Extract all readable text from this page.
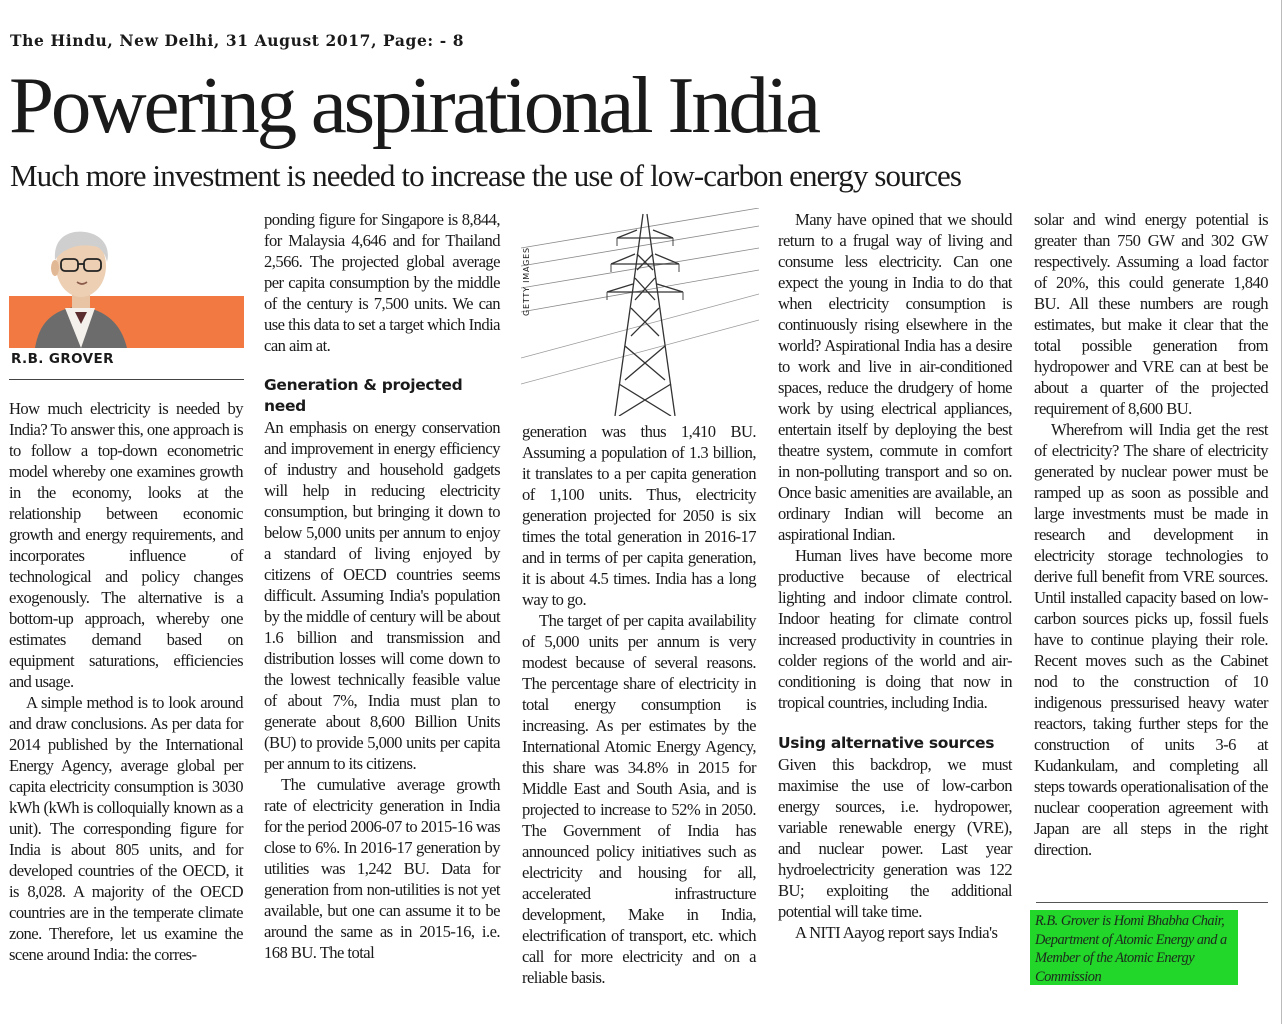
The Hindu, New Delhi, 31 August 2017, Page: - 8
Powering aspirational India
Much more investment is needed to increase the use of low-carbon energy sources
R.B. GROVER

How much electricity is needed by India? To answer this, one approach is to follow a top-down econometric model whereby one examines growth in the economy, looks at the relationship between economic growth and energy requirements, and incorporates influence of technological and policy changes exogenously. The alternative is a bottom-up approach, whereby one estimates demand based on equipment saturations, efficiencies and usage.

A simple method is to look around and draw conclusions. As per data for 2014 published by the International Energy Agency, average global per capita electricity consumption is 3030 kWh (kWh is colloquially known as a unit). The corresponding figure for India is about 805 units, and for developed countries of the OECD, it is 8,028. A majority of the OECD countries are in the temperate climate zone. Therefore, let us examine the scene around India: the corres-

ponding figure for Singapore is 8,844, for Malaysia 4,646 and for Thailand 2,566. The projected global average per capita consumption by the middle of the century is 7,500 units. We can use this data to set a target which India can aim at.

Generation & projected need

An emphasis on energy conservation and improvement in energy efficiency of industry and household gadgets will help in reducing electricity consumption, but bringing it down to below 5,000 units per annum to enjoy a standard of living enjoyed by citizens of OECD countries seems difficult. Assuming India's population by the middle of century will be about 1.6 billion and transmission and distribution losses will come down to the lowest technically feasible value of about 7%, India must plan to generate about 8,600 Billion Units (BU) to provide 5,000 units per capita per annum to its citizens.

The cumulative average growth rate of electricity generation in India for the period 2006-07 to 2015-16 was close to 6%. In 2016-17 generation by utilities was 1,242 BU. Data for generation from non-utilities is not yet available, but one can assume it to be around the same as in 2015-16, i.e. 168 BU. The total

GETTY IMAGES

generation was thus 1,410 BU. Assuming a population of 1.3 billion, it translates to a per capita generation of 1,100 units. Thus, electricity generation projected for 2050 is six times the total generation in 2016-17 and in terms of per capita generation, it is about 4.5 times. India has a long way to go.

The target of per capita availability of 5,000 units per annum is very modest because of several reasons. The percentage share of electricity in total energy consumption is increasing. As per estimates by the International Atomic Energy Agency, this share was 34.8% in 2015 for Middle East and South Asia, and is projected to increase to 52% in 2050. The Government of India has announced policy initiatives such as electricity and housing for all, accelerated infrastructure development, Make in India, electrification of transport, etc. which call for more electricity and on a reliable basis.

Many have opined that we should return to a frugal way of living and consume less electricity. Can one expect the young in India to do that when electricity consumption is continuously rising elsewhere in the world? Aspirational India has a desire to work and live in air-conditioned spaces, reduce the drudgery of home work by using electrical appliances, entertain itself by deploying the best theatre system, commute in comfort in non-polluting transport and so on. Once basic amenities are available, an ordinary Indian will become an aspirational Indian.

Human lives have become more productive because of electrical lighting and indoor climate control. Indoor heating for climate control increased productivity in countries in colder regions of the world and air-conditioning is doing that now in tropical countries, including India.

Using alternative sources

Given this backdrop, we must maximise the use of low-carbon energy sources, i.e. hydropower, variable renewable energy (VRE), and nuclear power. Last year hydroelectricity generation was 122 BU; exploiting the additional potential will take time.

A NITI Aayog report says India's

solar and wind energy potential is greater than 750 GW and 302 GW respectively. Assuming a load factor of 20%, this could generate 1,840 BU. All these numbers are rough estimates, but make it clear that the total possible generation from hydropower and VRE can at best be about a quarter of the projected requirement of 8,600 BU.

Wherefrom will India get the rest of electricity? The share of electricity generated by nuclear power must be ramped up as soon as possible and large investments must be made in research and development in electricity storage technologies to derive full benefit from VRE sources. Until installed capacity based on low-carbon sources picks up, fossil fuels have to continue playing their role. Recent moves such as the Cabinet nod to the construction of 10 indigenous pressurised heavy water reactors, taking further steps for the construction of units 3-6 at Kudankulam, and completing all steps towards operationalisation of the nuclear cooperation agreement with Japan are all steps in the right direction.

R.B. Grover is Homi Bhabha Chair, Department of Atomic Energy and a Member of the Atomic Energy Commission
